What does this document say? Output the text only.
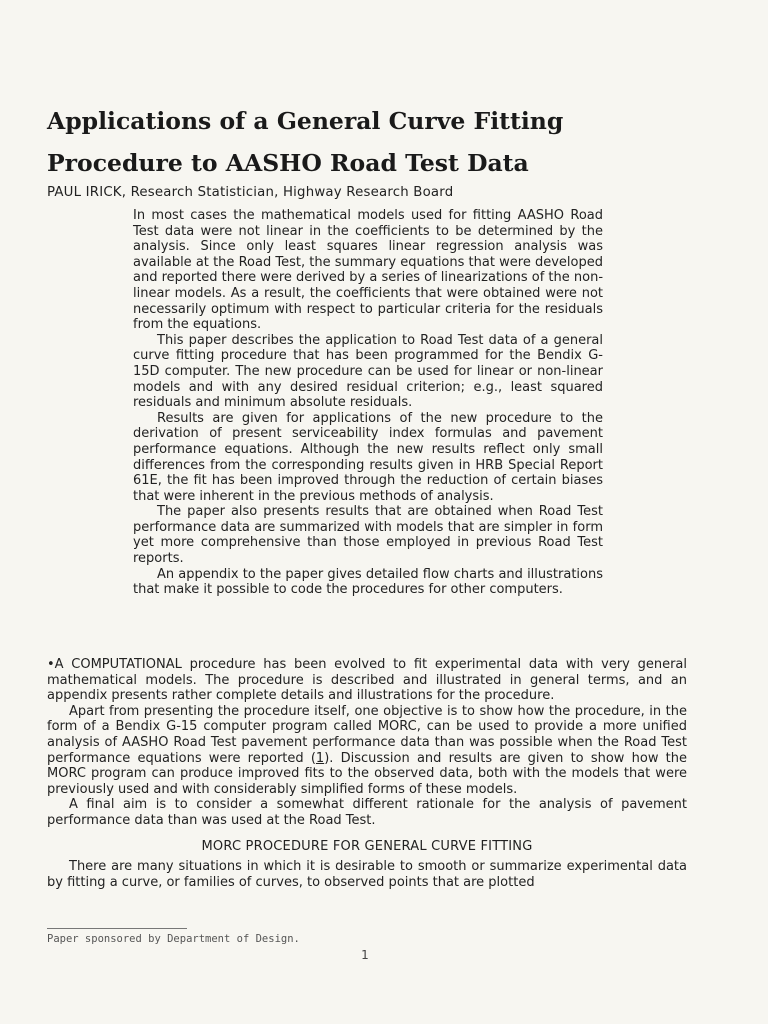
Applications of a General Curve Fitting
Procedure to AASHO Road Test Data
PAUL IRICK, Research Statistician, Highway Research Board

In most cases the mathematical models used for fitting AASHO Road Test data were not linear in the coefficients to be determined by the analysis. Since only least squares linear regression analysis was available at the Road Test, the summary equations that were developed and reported there were derived by a series of linearizations of the non-linear models. As a result, the coefficients that were obtained were not necessarily optimum with respect to particular criteria for the residuals from the equations.

This paper describes the application to Road Test data of a general curve fitting procedure that has been programmed for the Bendix G-15D computer. The new procedure can be used for linear or non-linear models and with any desired residual criterion; e.g., least squared residuals and minimum absolute residuals.

Results are given for applications of the new procedure to the derivation of present serviceability index formulas and pavement performance equations. Although the new results reflect only small differences from the corresponding results given in HRB Special Report 61E, the fit has been improved through the reduction of certain biases that were inherent in the previous methods of analysis.

The paper also presents results that are obtained when Road Test performance data are summarized with models that are simpler in form yet more comprehensive than those employed in previous Road Test reports.

An appendix to the paper gives detailed flow charts and illustrations that make it possible to code the procedures for other computers.

•A COMPUTATIONAL procedure has been evolved to fit experimental data with very general mathematical models. The procedure is described and illustrated in general terms, and an appendix presents rather complete details and illustrations for the procedure.

Apart from presenting the procedure itself, one objective is to show how the procedure, in the form of a Bendix G-15 computer program called MORC, can be used to provide a more unified analysis of AASHO Road Test pavement performance data than was possible when the Road Test performance equations were reported (1). Discussion and results are given to show how the MORC program can produce improved fits to the observed data, both with the models that were previously used and with considerably simplified forms of these models.

A final aim is to consider a somewhat different rationale for the analysis of pavement performance data than was used at the Road Test.

MORC PROCEDURE FOR GENERAL CURVE FITTING

There are many situations in which it is desirable to smooth or summarize experimental data by fitting a curve, or families of curves, to observed points that are plotted

Paper sponsored by Department of Design.
1
